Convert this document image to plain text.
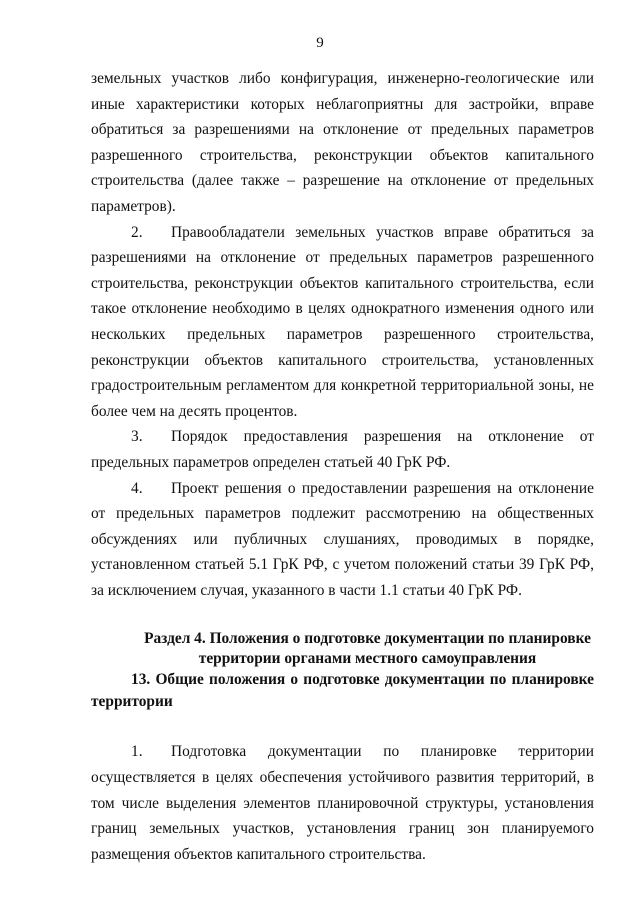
9

земельных участков либо конфигурация, инженерно-геологические или иные характеристики которых неблагоприятны для застройки, вправе обратиться за разрешениями на отклонение от предельных параметров разрешенного строительства, реконструкции объектов капитального строительства (далее также – разрешение на отклонение от предельных параметров).

2. Правообладатели земельных участков вправе обратиться за разрешениями на отклонение от предельных параметров разрешенного строительства, реконструкции объектов капитального строительства, если такое отклонение необходимо в целях однократного изменения одного или нескольких предельных параметров разрешенного строительства, реконструкции объектов капитального строительства, установленных градостроительным регламентом для конкретной территориальной зоны, не более чем на десять процентов.

3. Порядок предоставления разрешения на отклонение от предельных параметров определен статьей 40 ГрК РФ.

4. Проект решения о предоставлении разрешения на отклонение от предельных параметров подлежит рассмотрению на общественных обсуждениях или публичных слушаниях, проводимых в порядке, установленном статьей 5.1 ГрК РФ, с учетом положений статьи 39 ГрК РФ, за исключением случая, указанного в части 1.1 статьи 40 ГрК РФ.

Раздел 4. Положения о подготовке документации по планировке
территории органами местного самоуправления

13. Общие положения о подготовке документации по планировке территории

1. Подготовка документации по планировке территории осуществляется в целях обеспечения устойчивого развития территорий, в том числе выделения элементов планировочной структуры, установления границ земельных участков, установления границ зон планируемого размещения объектов капитального строительства.
